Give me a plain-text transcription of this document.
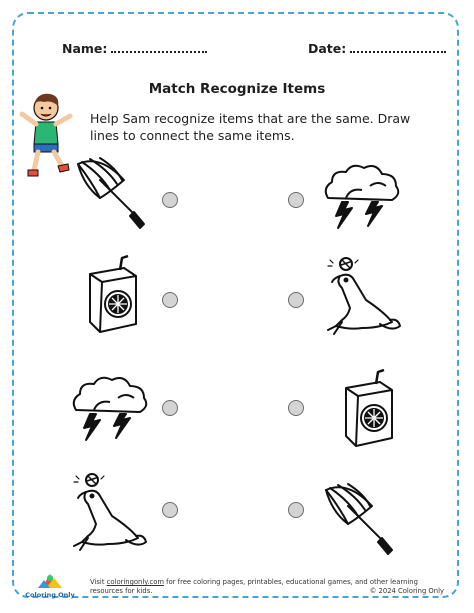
Name:	Date:
Match Recognize Items
Help Sam recognize items that are the same. Draw lines to connect the same items.
Coloring Only
Visit coloringonly.com for free coloring pages, printables, educational games, and other learning resources for kids.	© 2024 Coloring Only
